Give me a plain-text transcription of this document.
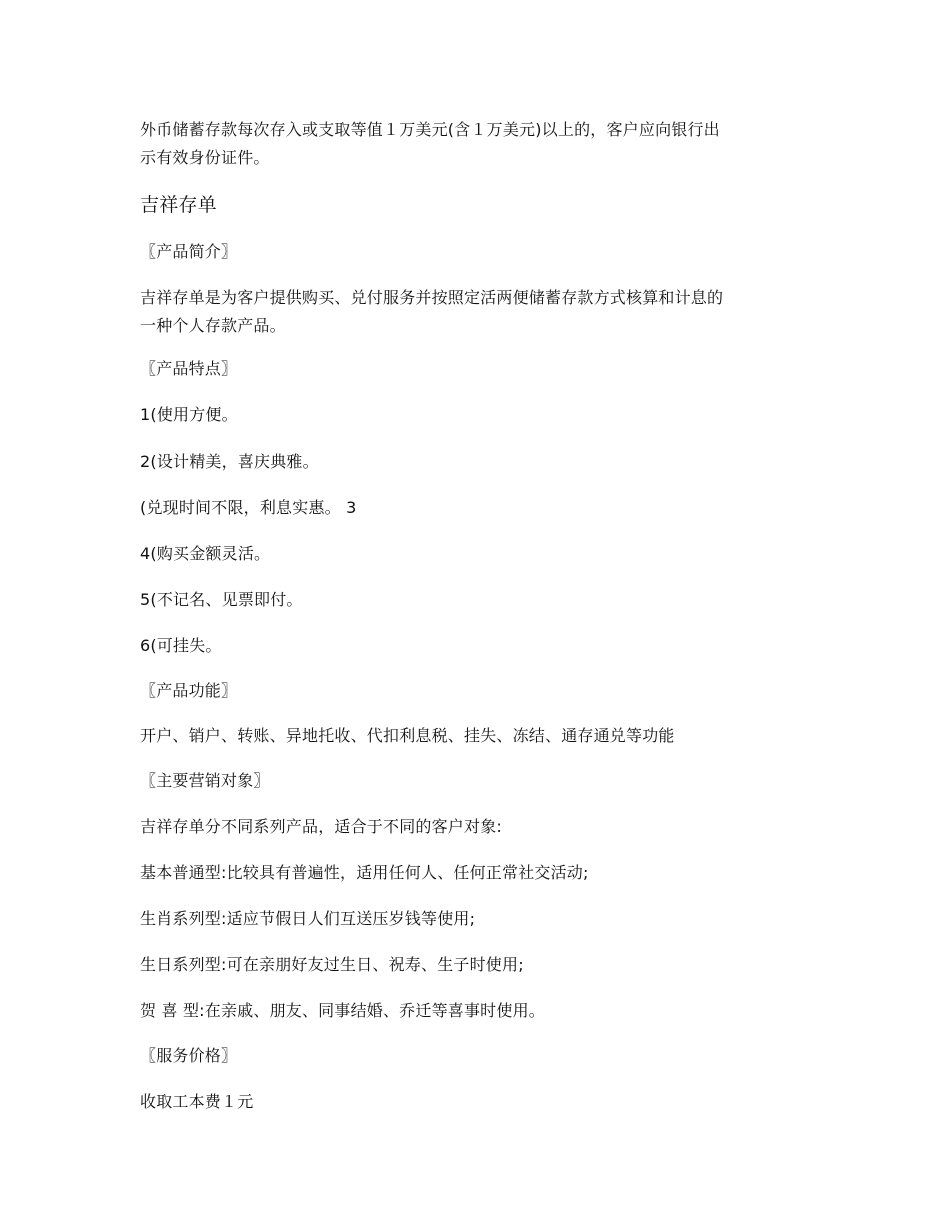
外币储蓄存款每次存入或支取等值１万美元(含１万美元)以上的，客户应向银行出
示有效身份证件。
吉祥存单
〖产品简介〗
吉祥存单是为客户提供购买、兑付服务并按照定活两便储蓄存款方式核算和计息的
一种个人存款产品。
〖产品特点〗
1(使用方便。
2(设计精美，喜庆典雅。
(兑现时间不限，利息实惠。 3
4(购买金额灵活。
5(不记名、见票即付。
6(可挂失。
〖产品功能〗
开户、销户、转账、异地托收、代扣利息税、挂失、冻结、通存通兑等功能
〖主要营销对象〗
吉祥存单分不同系列产品，适合于不同的客户对象:
基本普通型:比较具有普遍性，适用任何人、任何正常社交活动;
生肖系列型:适应节假日人们互送压岁钱等使用;
生日系列型:可在亲朋好友过生日、祝寿、生子时使用;
贺 喜 型:在亲戚、朋友、同事结婚、乔迁等喜事时使用。
〖服务价格〗
收取工本费１元
